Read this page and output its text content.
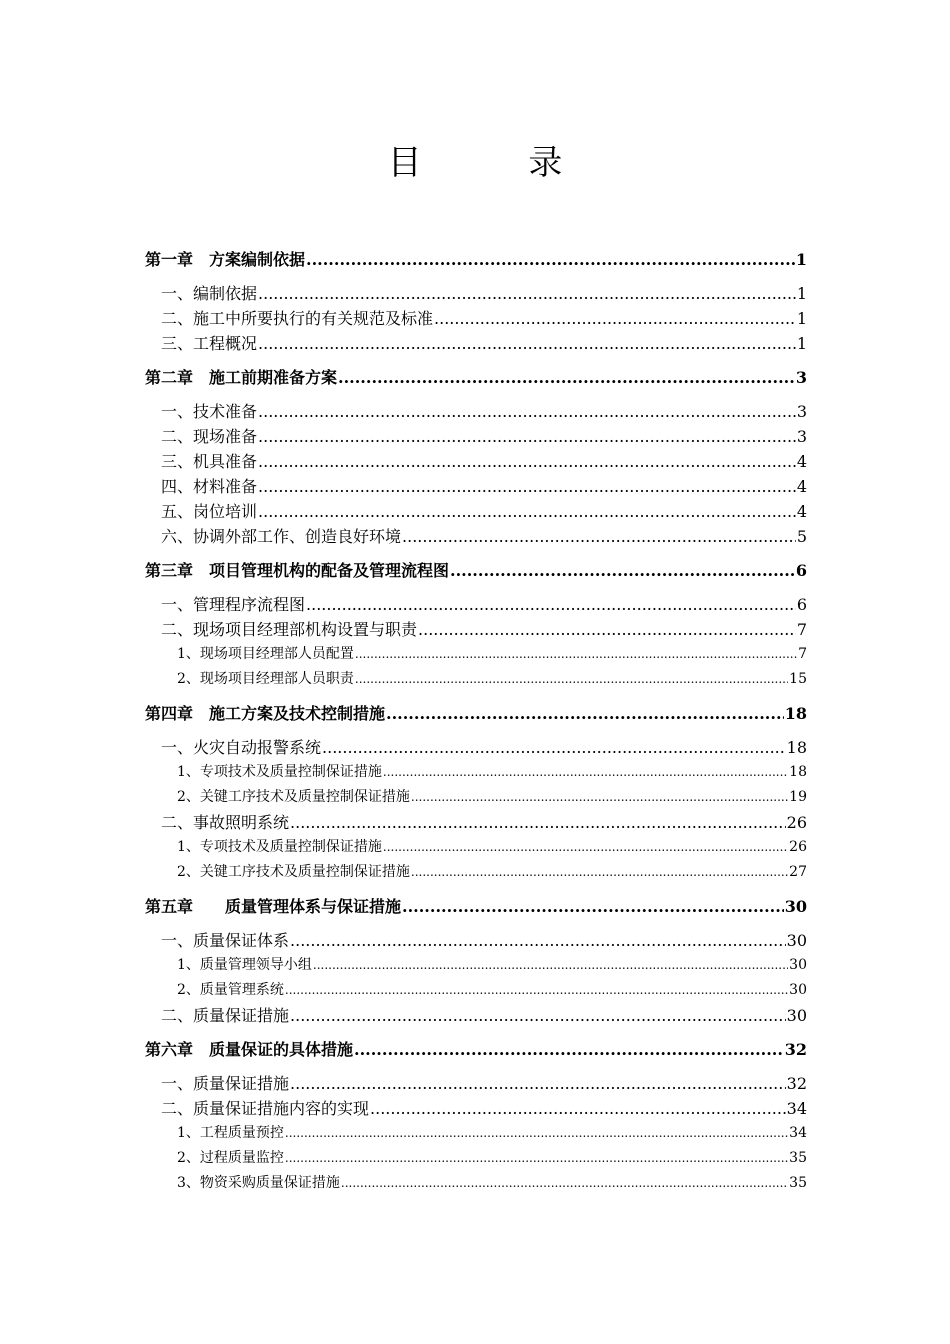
目 录
第一章　方案编制依据 .....	1
一、编制依据 .....	1
二、施工中所要执行的有关规范及标准 .....	1
三、工程概况 .....	1
第二章　施工前期准备方案 .....	3
一、技术准备 .....	3
二、现场准备 .....	3
三、机具准备 .....	4
四、材料准备 .....	4
五、岗位培训 .....	4
六、协调外部工作、创造良好环境 .....	5
第三章　项目管理机构的配备及管理流程图 .....	6
一、管理程序流程图 .....	6
二、现场项目经理部机构设置与职责 .....	7
1、现场项目经理部人员配置 .....	7
2、现场项目经理部人员职责 .....	15
第四章　施工方案及技术控制措施 .....	18
一、火灾自动报警系统 .....	18
1、专项技术及质量控制保证措施 .....	18
2、关键工序技术及质量控制保证措施 .....	19
二、事故照明系统 .....	26
1、专项技术及质量控制保证措施 .....	26
2、关键工序技术及质量控制保证措施 .....	27
第五章　　质量管理体系与保证措施 .....	30
一、质量保证体系 .....	30
1、质量管理领导小组 .....	30
2、质量管理系统 .....	30
二、质量保证措施 .....	30
第六章　质量保证的具体措施 .....	32
一、质量保证措施 .....	32
二、质量保证措施内容的实现 .....	34
1、工程质量预控 .....	34
2、过程质量监控 .....	35
3、物资采购质量保证措施 .....	35
